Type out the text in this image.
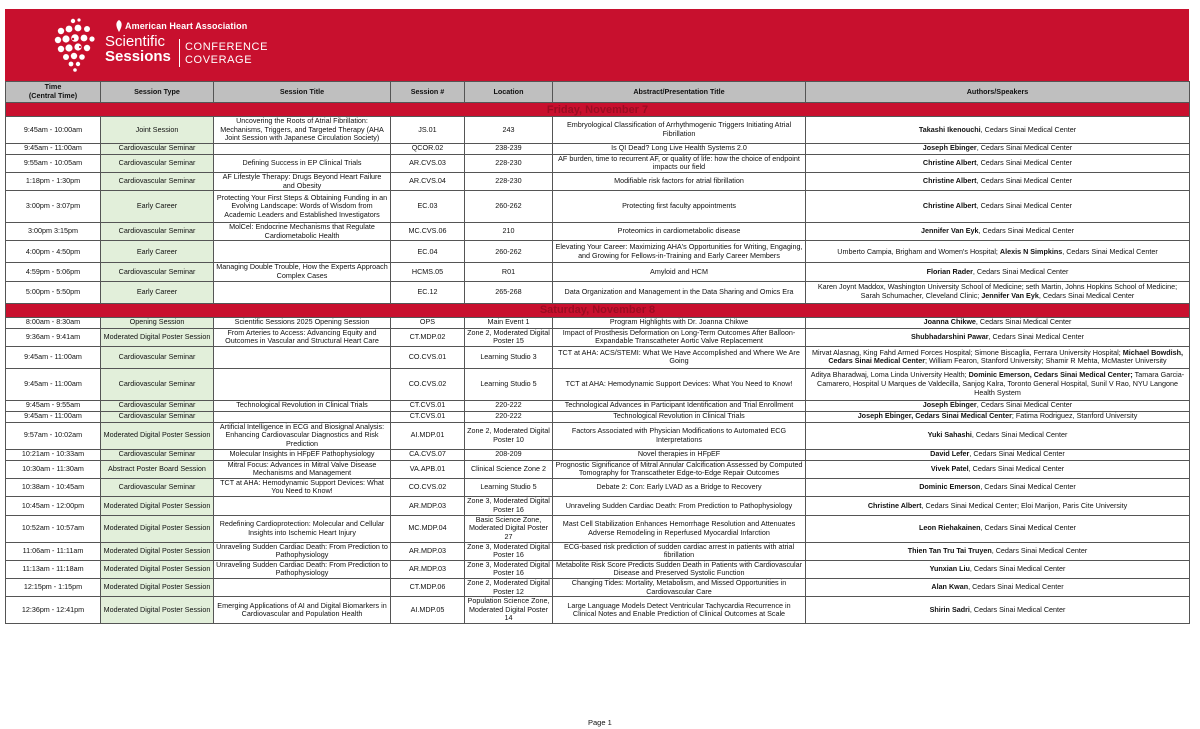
American Heart Association
Scientific
Sessions
CONFERENCE
COVERAGE
Time
(Central Time)	Session Type	Session Title	Session #	Location	Abstract/Presentation Title	Authors/Speakers
Friday, November 7						
9:45am - 10:00am	Joint Session	Uncovering the Roots of Atrial Fibrillation: Mechanisms, Triggers, and Targeted Therapy (AHA Joint Session with Japanese Circulation Society)	JS.01	243	Embryological Classification of Arrhythmogenic Triggers Initiating Atrial Fibrillation	Takashi Ikenouchi, Cedars Sinai Medical Center
9:45am - 11:00am	Cardiovascular Seminar		QCOR.02	238-239	Is QI Dead? Long Live Health Systems 2.0	Joseph Ebinger, Cedars Sinai Medical Center
9:55am - 10:05am	Cardiovascular Seminar	Defining Success in EP Clinical Trials	AR.CVS.03	228-230	AF burden, time to recurrent AF, or quality of life: how the choice of endpoint impacts our field	Christine Albert, Cedars Sinai Medical Center
1:18pm - 1:30pm	Cardiovascular Seminar	AF Lifestyle Therapy: Drugs Beyond Heart Failure and Obesity	AR.CVS.04	228-230	Modifiable risk factors for atrial fibrillation	Christine Albert, Cedars Sinai Medical Center
3:00pm - 3:07pm	Early Career	Protecting Your First Steps & Obtaining Funding in an Evolving Landscape: Words of Wisdom from Academic Leaders and Established Investigators	EC.03	260-262	Protecting first faculty appointments	Christine Albert, Cedars Sinai Medical Center
3:00pm 3:15pm	Cardiovascular Seminar	MolCel: Endocrine Mechanisms that Regulate Cardiometabolic Health	MC.CVS.06	210	Proteomics in cardiometabolic disease	Jennifer Van Eyk, Cedars Sinai Medical Center
4:00pm - 4:50pm	Early Career		EC.04	260-262	Elevating Your Career: Maximizing AHA's Opportunities for Writing, Engaging, and Growing for Fellows-in-Training and Early Career Members	Umberto Campia, Brigham and Women's Hospital; Alexis N Simpkins, Cedars Sinai Medical Center
4:59pm - 5:06pm	Cardiovascular Seminar	Managing Double Trouble, How the Experts Approach Complex Cases	HCMS.05	R01	Amyloid and HCM	Florian Rader, Cedars Sinai Medical Center
5:00pm - 5:50pm	Early Career		EC.12	265-268	Data Organization and Management in the Data Sharing and Omics Era	Karen Joynt Maddox, Washington University School of Medicine; seth Martin, Johns Hopkins School of Medicine; Sarah Schumacher, Cleveland Clinic; Jennifer Van Eyk, Cedars Sinai Medical Center
Saturday, November 8						
8:00am - 8:30am	Opening Session	Scientific Sessions 2025 Opening Session	OPS	Main Event 1	Program Highlights with Dr. Joanna Chikwe	Joanna Chikwe, Cedars Sinai Medical Center
9:36am - 9:41am	Moderated Digital Poster Session	From Arteries to Access: Advancing Equity and Outcomes in Vascular and Structural Heart Care	CT.MDP.02	Zone 2, Moderated Digital Poster 15	Impact of Prosthesis Deformation on Long-Term Outcomes After Balloon-Expandable Transcatheter Aortic Valve Replacement	Shubhadarshini Pawar, Cedars Sinai Medical Center
9:45am - 11:00am	Cardiovascular Seminar		CO.CVS.01	Learning Studio 3	TCT at AHA: ACS/STEMI: What We Have Accomplished and Where We Are Going	Mirvat Alasnag, King Fahd Armed Forces Hospital; Simone Biscaglia, Ferrara University Hospital; Michael Bowdish, Cedars Sinai Medical Center; William Fearon, Stanford University; Shamir R Mehta, McMaster University
9:45am - 11:00am	Cardiovascular Seminar		CO.CVS.02	Learning Studio 5	TCT at AHA: Hemodynamic Support Devices: What You Need to Know!	Aditya Bharadwaj, Loma Linda University Health; Dominic Emerson, Cedars Sinai Medical Center; Tamara Garcia-Camarero, Hospital U Marques de Valdecilla, Sanjog Kalra, Toronto General Hospital, Sunil V Rao, NYU Langone Health System
9:45am - 9:55am	Cardiovascular Seminar	Technological Revolution in Clinical Trials	CT.CVS.01	220-222	Technological Advances in Participant Identification and Trial Enrollment	Joseph Ebinger, Cedars Sinai Medical Center
9:45am - 11:00am	Cardiovascular Seminar		CT.CVS.01	220-222	Technological Revolution in Clinical Trials	Joseph Ebinger, Cedars Sinai Medical Center; Fatima Rodriguez, Stanford University
9:57am - 10:02am	Moderated Digital Poster Session	Artificial Intelligence in ECG and Biosignal Analysis: Enhancing Cardiovascular Diagnostics and Risk Prediction	AI.MDP.01	Zone 2, Moderated Digital Poster 10	Factors Associated with Physician Modifications to Automated ECG Interpretations	Yuki Sahashi, Cedars Sinai Medical Center
10:21am - 10:33am	Cardiovascular Seminar	Molecular Insights in HFpEF Pathophysiology	CA.CVS.07	208-209	Novel therapies in HFpEF	David Lefer, Cedars Sinai Medical Center
10:30am - 11:30am	Abstract Poster Board Session	Mitral Focus: Advances in Mitral Valve Disease Mechanisms and Management	VA.APB.01	Clinical Science Zone 2	Prognostic Significance of Mitral Annular Calcification Assessed by Computed Tomography for Transcatheter Edge-to-Edge Repair Outcomes	Vivek Patel, Cedars Sinai Medical Center
10:38am - 10:45am	Cardiovascular Seminar	TCT at AHA: Hemodynamic Support Devices: What You Need to Know!	CO.CVS.02	Learning Studio 5	Debate 2: Con: Early LVAD as a Bridge to Recovery	Dominic Emerson, Cedars Sinai Medical Center
10:45am - 12:00pm	Moderated Digital Poster Session		AR.MDP.03	Zone 3, Moderated Digital Poster 16	Unraveling Sudden Cardiac Death: From Prediction to Pathophysiology	Christine Albert, Cedars Sinai Medical Center; Eloi Marijon, Paris Cite University
10:52am - 10:57am	Moderated Digital Poster Session	Redefining Cardioprotection: Molecular and Cellular Insights into Ischemic Heart Injury	MC.MDP.04	Basic Science Zone, Moderated Digital Poster 27	Mast Cell Stabilization Enhances Hemorrhage Resolution and Attenuates Adverse Remodeling in Reperfused Myocardial Infarction	Leon Riehakainen, Cedars Sinai Medical Center
11:06am - 11:11am	Moderated Digital Poster Session	Unraveling Sudden Cardiac Death: From Prediction to Pathophysiology	AR.MDP.03	Zone 3, Moderated Digital Poster 16	ECG-based risk prediction of sudden cardiac arrest in patients with atrial fibrillation	Thien Tan Tru Tai Truyen, Cedars Sinai Medical Center
11:13am - 11:18am	Moderated Digital Poster Session	Unraveling Sudden Cardiac Death: From Prediction to Pathophysiology	AR.MDP.03	Zone 3, Moderated Digital Poster 16	Metabolite Risk Score Predicts Sudden Death in Patients with Cardiovascular Disease and Preserved Systolic Function	Yunxian Liu, Cedars Sinai Medical Center
12:15pm - 1:15pm	Moderated Digital Poster Session		CT.MDP.06	Zone 2, Moderated Digital Poster 12	Changing Tides: Mortality, Metabolism, and Missed Opportunities in Cardiovascular Care	Alan Kwan, Cedars Sinai Medical Center
12:36pm - 12:41pm	Moderated Digital Poster Session	Emerging Applications of AI and Digital Biomarkers in Cardiovascular and Population Health	AI.MDP.05	Population Science Zone, Moderated Digital Poster 14	Large Language Models Detect Ventricular Tachycardia Recurrence in Clinical Notes and Enable Prediction of Clinical Outcomes at Scale	Shirin Sadri, Cedars Sinai Medical Center
Page 1
